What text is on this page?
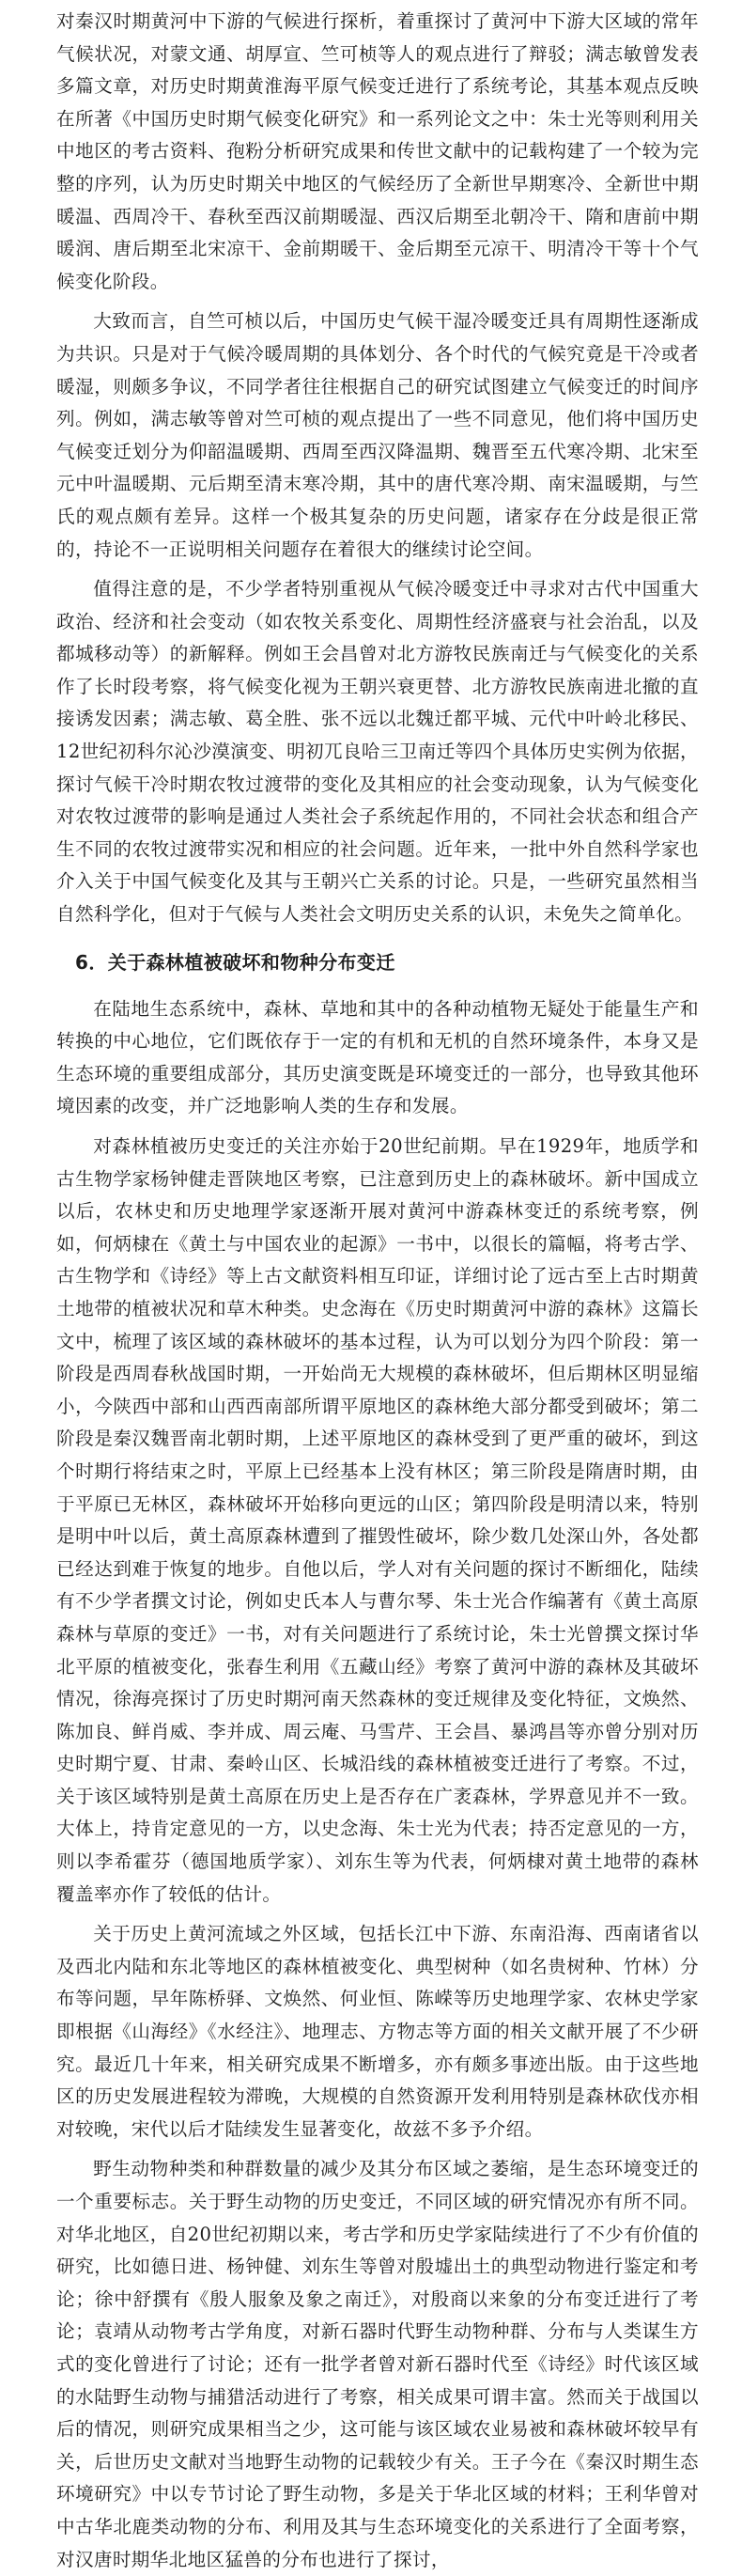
对秦汉时期黄河中下游的气候进行探析，着重探讨了黄河中下游大区域的常年气候状况，对蒙文通、胡厚宣、竺可桢等人的观点进行了辩驳；满志敏曾发表多篇文章，对历史时期黄淮海平原气候变迁进行了系统考论，其基本观点反映在所著《中国历史时期气候变化研究》和一系列论文之中：朱士光等则利用关中地区的考古资料、孢粉分析研究成果和传世文献中的记载构建了一个较为完整的序列，认为历史时期关中地区的气候经历了全新世早期寒冷、全新世中期暖温、西周冷干、春秋至西汉前期暖湿、西汉后期至北朝冷干、隋和唐前中期暖润、唐后期至北宋凉干、金前期暖干、金后期至元凉干、明清冷干等十个气候变化阶段。

大致而言，自竺可桢以后，中国历史气候干湿冷暖变迁具有周期性逐渐成为共识。只是对于气候冷暖周期的具体划分、各个时代的气候究竟是干冷或者暖湿，则颇多争议，不同学者往往根据自己的研究试图建立气候变迁的时间序列。例如，满志敏等曾对竺可桢的观点提出了一些不同意见，他们将中国历史气候变迁划分为仰韶温暖期、西周至西汉降温期、魏晋至五代寒冷期、北宋至元中叶温暖期、元后期至清末寒冷期，其中的唐代寒冷期、南宋温暖期，与竺氏的观点颇有差异。这样一个极其复杂的历史问题，诸家存在分歧是很正常的，持论不一正说明相关问题存在着很大的继续讨论空间。

值得注意的是，不少学者特别重视从气候冷暖变迁中寻求对古代中国重大政治、经济和社会变动（如农牧关系变化、周期性经济盛衰与社会治乱，以及都城移动等）的新解释。例如王会昌曾对北方游牧民族南迁与气候变化的关系作了长时段考察，将气候变化视为王朝兴衰更替、北方游牧民族南进北撤的直接诱发因素；满志敏、葛全胜、张不远以北魏迁都平城、元代中叶岭北移民、12世纪初科尔沁沙漠演变、明初兀良哈三卫南迁等四个具体历史实例为依据，探讨气候干冷时期农牧过渡带的变化及其相应的社会变动现象，认为气候变化对农牧过渡带的影响是通过人类社会子系统起作用的，不同社会状态和组合产生不同的农牧过渡带实况和相应的社会问题。近年来，一批中外自然科学家也介入关于中国气候变化及其与王朝兴亡关系的讨论。只是，一些研究虽然相当自然科学化，但对于气候与人类社会文明历史关系的认识，未免失之简单化。

6．关于森林植被破坏和物种分布变迁

在陆地生态系统中，森林、草地和其中的各种动植物无疑处于能量生产和转换的中心地位，它们既依存于一定的有机和无机的自然环境条件，本身又是生态环境的重要组成部分，其历史演变既是环境变迁的一部分，也导致其他环境因素的改变，并广泛地影响人类的生存和发展。

对森林植被历史变迁的关注亦始于20世纪前期。早在1929年，地质学和古生物学家杨钟健走晋陕地区考察，已注意到历史上的森林破坏。新中国成立以后，农林史和历史地理学家逐渐开展对黄河中游森林变迁的系统考察，例如，何炳棣在《黄土与中国农业的起源》一书中，以很长的篇幅，将考古学、古生物学和《诗经》等上古文献资料相互印证，详细讨论了远古至上古时期黄土地带的植被状况和草木种类。史念海在《历史时期黄河中游的森林》这篇长文中，梳理了该区域的森林破坏的基本过程，认为可以划分为四个阶段：第一阶段是西周春秋战国时期，一开始尚无大规模的森林破坏，但后期林区明显缩小，今陕西中部和山西西南部所谓平原地区的森林绝大部分都受到破坏；第二阶段是秦汉魏晋南北朝时期，上述平原地区的森林受到了更严重的破坏，到这个时期行将结束之时，平原上已经基本上没有林区；第三阶段是隋唐时期，由于平原已无林区，森林破坏开始移向更远的山区；第四阶段是明清以来，特别是明中叶以后，黄土高原森林遭到了摧毁性破坏，除少数几处深山外，各处都已经达到难于恢复的地步。自他以后，学人对有关问题的探讨不断细化，陆续有不少学者撰文讨论，例如史氏本人与曹尔琴、朱士光合作编著有《黄土高原森林与草原的变迁》一书，对有关问题进行了系统讨论，朱士光曾撰文探讨华北平原的植被变化，张春生利用《五藏山经》考察了黄河中游的森林及其破坏情况，徐海亮探讨了历史时期河南天然森林的变迁规律及变化特征，文焕然、陈加良、鲜肖威、李并成、周云庵、马雪芹、王会昌、暴鸿昌等亦曾分别对历史时期宁夏、甘肃、秦岭山区、长城沿线的森林植被变迁进行了考察。不过，关于该区域特别是黄土高原在历史上是否存在广袤森林，学界意见并不一致。大体上，持肯定意见的一方，以史念海、朱士光为代表；持否定意见的一方，则以李希霍芬（德国地质学家）、刘东生等为代表，何炳棣对黄土地带的森林覆盖率亦作了较低的估计。

关于历史上黄河流域之外区域，包括长江中下游、东南沿海、西南诸省以及西北内陆和东北等地区的森林植被变化、典型树种（如名贵树种、竹林）分布等问题，早年陈桥驿、文焕然、何业恒、陈嵘等历史地理学家、农林史学家即根据《山海经》《水经注》、地理志、方物志等方面的相关文献开展了不少研究。最近几十年来，相关研究成果不断增多，亦有颇多事迹出版。由于这些地区的历史发展进程较为滞晚，大规模的自然资源开发利用特别是森林砍伐亦相对较晚，宋代以后才陆续发生显著变化，故兹不多予介绍。

野生动物种类和种群数量的减少及其分布区域之萎缩，是生态环境变迁的一个重要标志。关于野生动物的历史变迁，不同区域的研究情况亦有所不同。对华北地区，自20世纪初期以来，考古学和历史学家陆续进行了不少有价值的研究，比如德日进、杨钟健、刘东生等曾对殷墟出土的典型动物进行鉴定和考论；徐中舒撰有《殷人服象及象之南迁》，对殷商以来象的分布变迁进行了考论；袁靖从动物考古学角度，对新石器时代野生动物种群、分布与人类谋生方式的变化曾进行了讨论；还有一批学者曾对新石器时代至《诗经》时代该区域的水陆野生动物与捕猎活动进行了考察，相关成果可谓丰富。然而关于战国以后的情况，则研究成果相当之少，这可能与该区域农业易被和森林破坏较早有关，后世历史文献对当地野生动物的记载较少有关。王子今在《秦汉时期生态环境研究》中以专节讨论了野生动物，多是关于华北区域的材料；王利华曾对中古华北鹿类动物的分布、利用及其与生态环境变化的关系进行了全面考察，对汉唐时期华北地区猛兽的分布也进行了探讨，
